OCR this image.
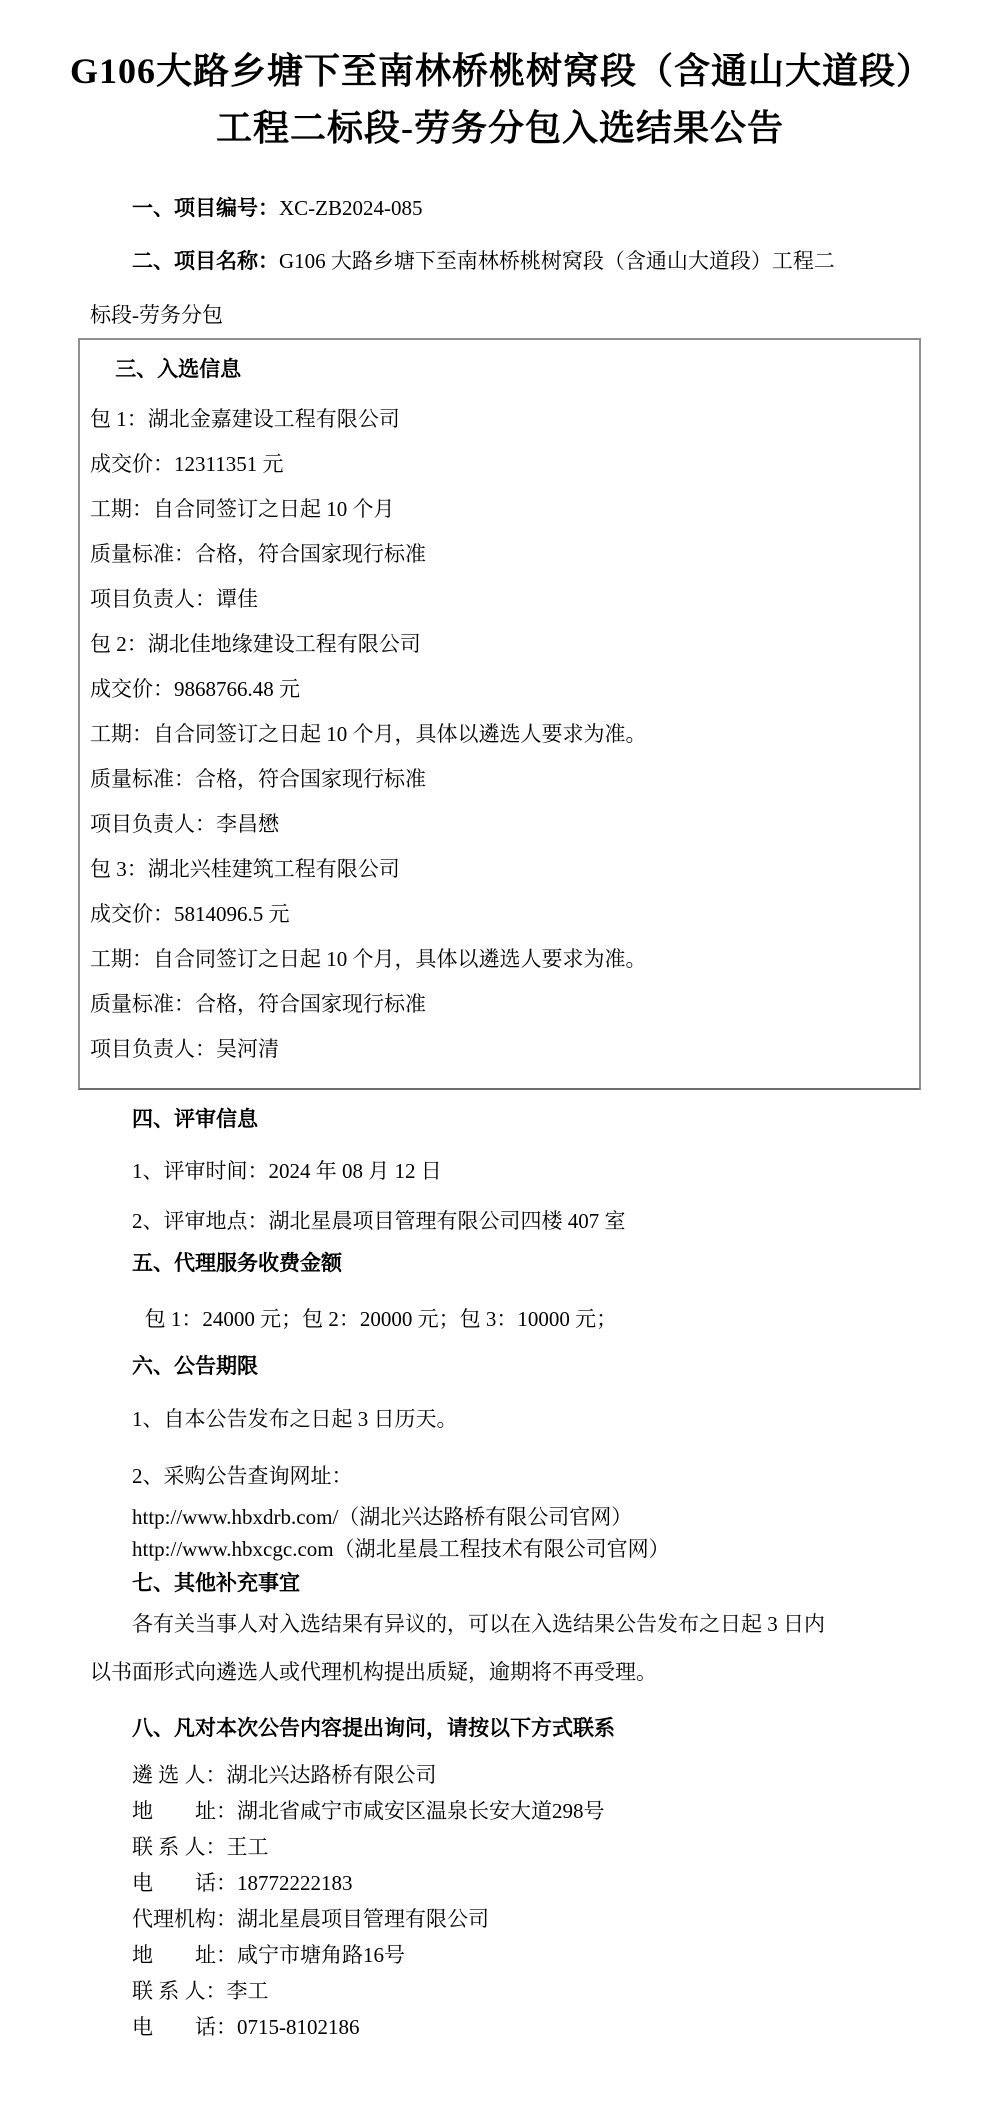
G106大路乡塘下至南林桥桃树窝段（含通山大道段）
工程二标段-劳务分包入选结果公告

一、项目编号：XC-ZB2024-085

二、项目名称：G106 大路乡塘下至南林桥桃树窝段（含通山大道段）工程二

标段-劳务分包

三、入选信息

包 1：湖北金嘉建设工程有限公司

成交价：12311351 元

工期：自合同签订之日起 10 个月

质量标准：合格，符合国家现行标准

项目负责人：谭佳

包 2：湖北佳地缘建设工程有限公司

成交价：9868766.48 元

工期：自合同签订之日起 10 个月，具体以遴选人要求为准。

质量标准：合格，符合国家现行标准

项目负责人：李昌懋

包 3：湖北兴桂建筑工程有限公司

成交价：5814096.5 元

工期：自合同签订之日起 10 个月，具体以遴选人要求为准。

质量标准：合格，符合国家现行标准

项目负责人：吴河清

四、评审信息

1、评审时间：2024 年 08 月 12 日

2、评审地点：湖北星晨项目管理有限公司四楼 407 室

五、代理服务收费金额

包 1：24000 元；包 2：20000 元；包 3：10000 元；

六、公告期限

1、自本公告发布之日起 3 日历天。

2、采购公告查询网址：

http://www.hbxdrb.com/（湖北兴达路桥有限公司官网）

http://www.hbxcgc.com（湖北星晨工程技术有限公司官网）

七、其他补充事宜

各有关当事人对入选结果有异议的，可以在入选结果公告发布之日起 3 日内

以书面形式向遴选人或代理机构提出质疑，逾期将不再受理。

八、凡对本次公告内容提出询问，请按以下方式联系

遴 选 人：湖北兴达路桥有限公司

地　　址：湖北省咸宁市咸安区温泉长安大道298号

联 系 人：王工

电　　话：18772222183

代理机构：湖北星晨项目管理有限公司

地　　址：咸宁市塘角路16号

联 系 人：李工

电　　话：0715-8102186
